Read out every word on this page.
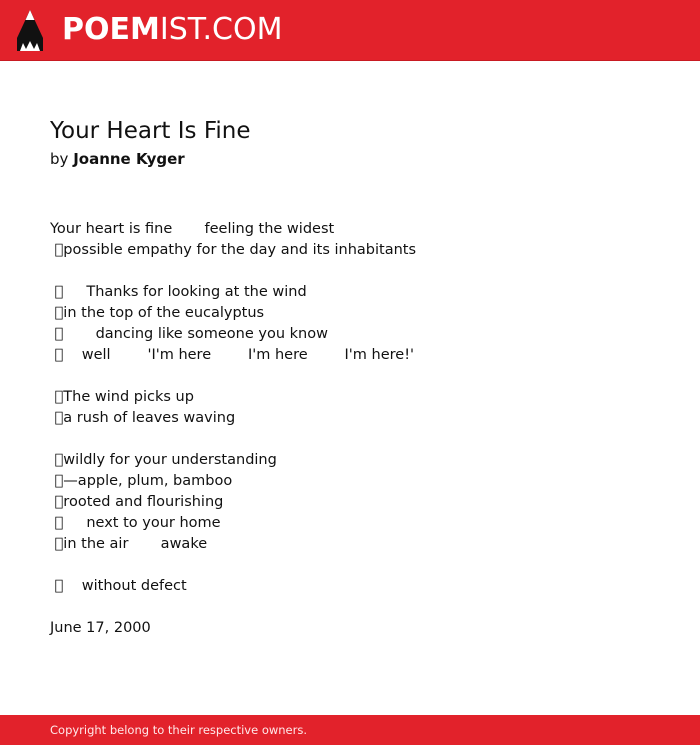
POEMIST.COM
Your Heart Is Fine

by Joanne Kyger

Your heart is fine       feeling the widest
 possible empathy for the day and its inhabitants
      Thanks for looking at the wind
 in the top of the eucalyptus
        dancing like someone you know
     well        'I'm here        I'm here        I'm here!'
 The wind picks up
 a rush of leaves waving
 wildly for your understanding
 —apple, plum, bamboo
 rooted and flourishing
      next to your home
 in the air       awake
     without defect
June 17, 2000
Copyright belong to their respective owners.
